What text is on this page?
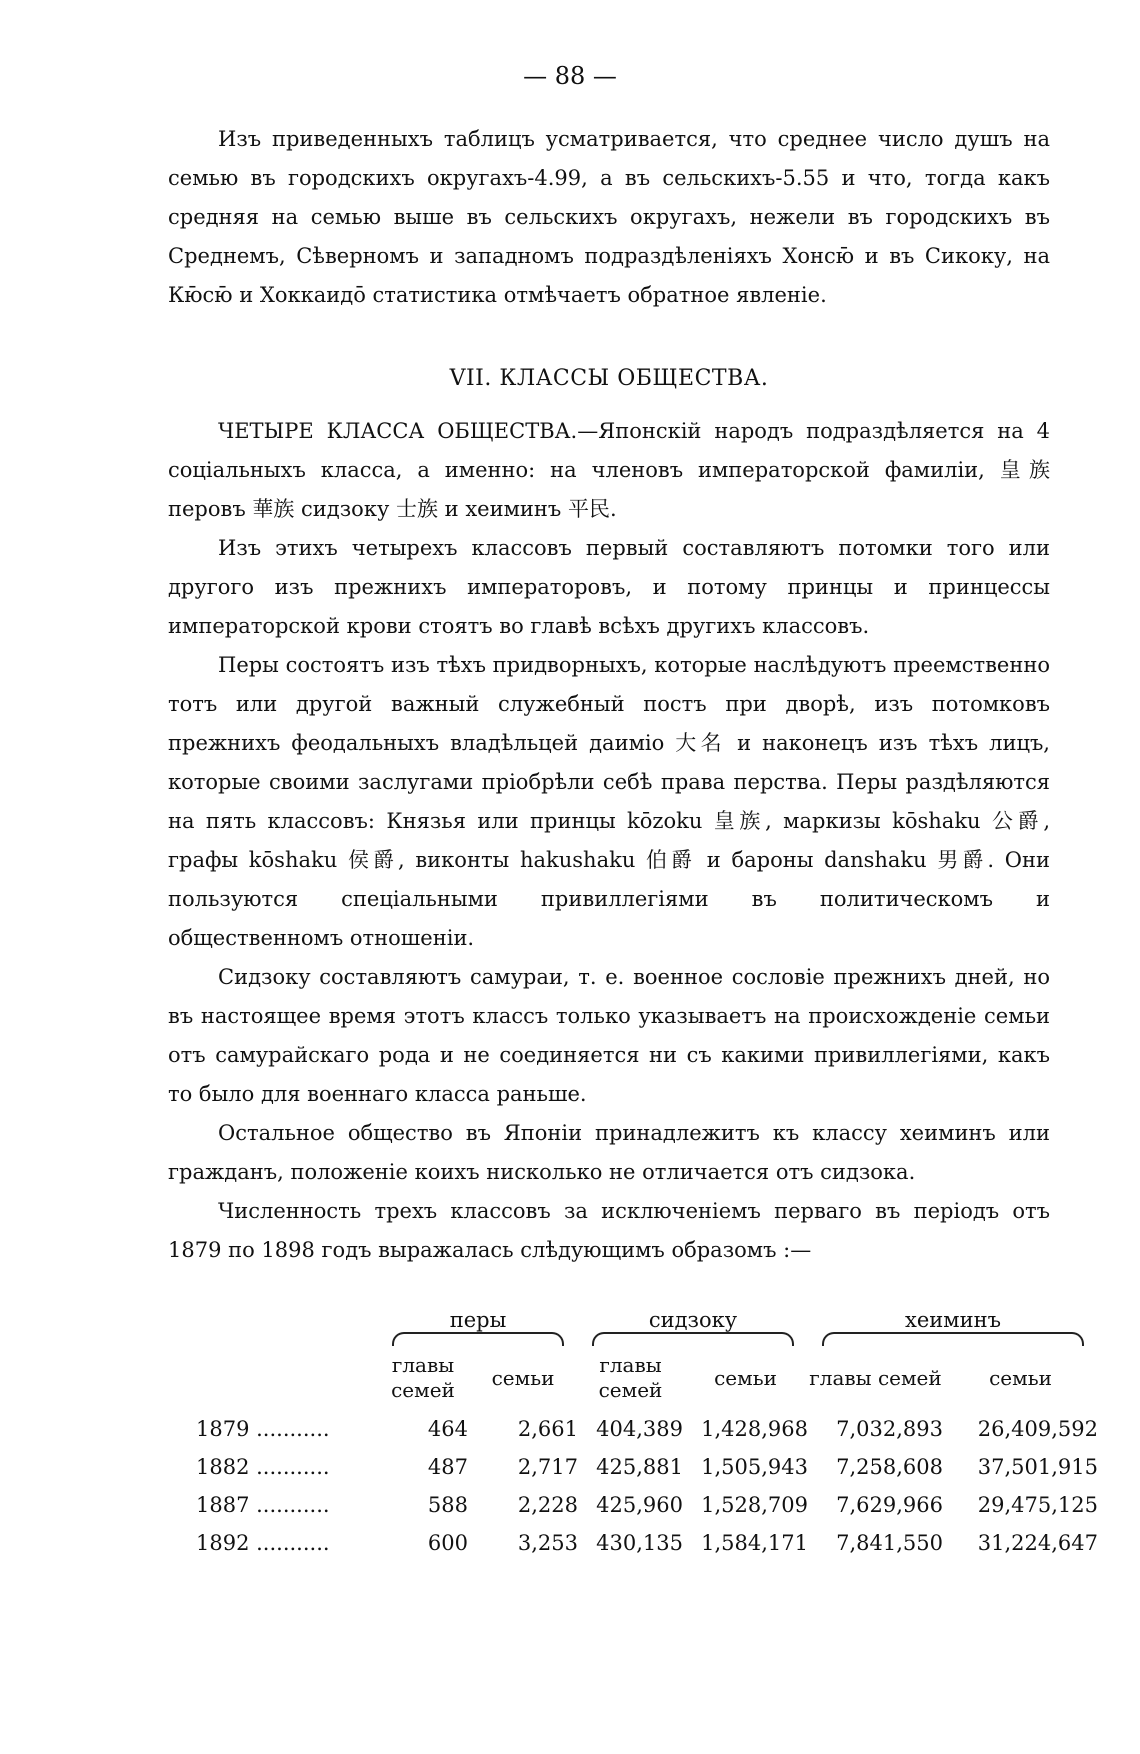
— 88 —

Изъ приведенныхъ таблицъ усматривается, что среднее число душъ на семью въ городскихъ округахъ-4.99, а въ сельскихъ-5.55 и что, тогда какъ средняя на семью выше въ сельскихъ округахъ, нежели въ городскихъ въ Среднемъ, Сѣверномъ и западномъ подраздѣленіяхъ Хонсю̄ и въ Сикоку, на Кю̄сю̄ и Хоккаидо̄ статистика отмѣчаетъ обратное явленіе.

VII. КЛАССЫ ОБЩЕСТВА.

ЧЕТЫРЕ КЛАССА ОБЩЕСТВА.—Японскій народъ подраздѣляется на 4 соціальныхъ класса, а именно: на членовъ императорской фамиліи, 皇族 перовъ 華族 сидзоку 士族 и хеиминъ 平民.

Изъ этихъ четырехъ классовъ первый составляютъ потомки того или другого изъ прежнихъ императоровъ, и потому принцы и принцессы императорской крови стоятъ во главѣ всѣхъ другихъ классовъ.

Перы состоятъ изъ тѣхъ придворныхъ, которые наслѣдуютъ преемственно тотъ или другой важный служебный постъ при дворѣ, изъ потомковъ прежнихъ феодальныхъ владѣльцей даиміо 大名 и наконецъ изъ тѣхъ лицъ, которые своими заслугами пріобрѣли себѣ права перства. Перы раздѣляются на пять классовъ: Князья или принцы kōzoku 皇族, маркизы kōshaku 公爵, графы kōshaku 侯爵, виконты hakushaku 伯爵 и бароны danshaku 男爵. Они пользуются спеціальными привиллегіями въ политическомъ и общественномъ отношеніи.

Сидзоку составляютъ самураи, т. е. военное сословіе прежнихъ дней, но въ настоящее время этотъ классъ только указываетъ на происхожденіе семьи отъ самурайскаго рода и не соединяется ни съ какими привиллегіями, какъ то было для военнаго класса раньше.

Остальное общество въ Японіи принадлежитъ къ классу хеиминъ или гражданъ, положеніе коихъ нисколько не отличается отъ сидзока.

Численность трехъ классовъ за исключеніемъ перваго въ періодъ отъ 1879 по 1898 годъ выражалась слѣдующимъ образомъ :—

	перы		сидзоку		хеиминъ	

	главы семей	семьи	главы семей	семьи	главы семей	семьи
1879 ...........	464	2,661	404,389	1,428,968	7,032,893	26,409,592
1882 ...........	487	2,717	425,881	1,505,943	7,258,608	37,501,915
1887 ...........	588	2,228	425,960	1,528,709	7,629,966	29,475,125
1892 ...........	600	3,253	430,135	1,584,171	7,841,550	31,224,647
